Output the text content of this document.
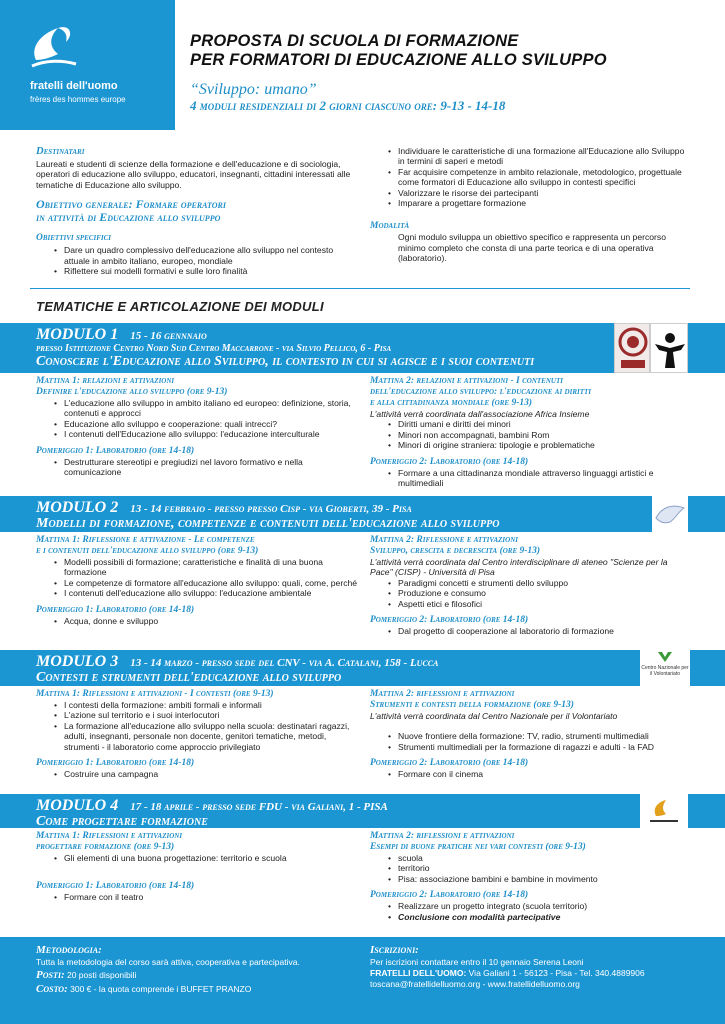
fratelli dell'uomo
frères des hommes europe
PROPOSTA DI SCUOLA DI FORMAZIONE
PER FORMATORI DI EDUCAZIONE ALLO SVILUPPO
“Sviluppo: umano”
4 moduli residenziali di 2 giorni ciascuno ore: 9-13 - 14-18
Destinatari
Laureati e studenti di scienze della formazione e dell'educazione e di sociologia, operatori di educazione allo sviluppo, educatori, insegnanti, cittadini interessati alle tematiche di Educazione allo sviluppo.
Obiettivo generale: Formare operatori
in attività di Educazione allo sviluppo
Obiettivi specifici
• Dare un quadro complessivo dell'educazione allo sviluppo nel contesto attuale in ambito italiano, europeo, mondiale
• Riflettere sui modelli formativi e sulle loro finalità
• Individuare le caratteristiche di una formazione all'Educazione allo Sviluppo in termini di saperi e metodi
• Far acquisire competenze in ambito relazionale, metodologico, progettuale come formatori di Educazione allo sviluppo in contesti specifici
• Valorizzare le risorse dei partecipanti
• Imparare a progettare formazione
Modalità
Ogni modulo sviluppa un obiettivo specifico e rappresenta un percorso minimo completo che consta di una parte teorica e di una operativa (laboratorio).
TEMATICHE E ARTICOLAZIONE DEI MODULI
MODULO 1 15 - 16 gennnaio
presso Istituzione Centro Nord Sud Centro Maccarrone - via Silvio Pellico, 6 - Pisa
Conoscere l'Educazione allo Sviluppo, il contesto in cui si agisce e i suoi contenuti
Mattina 1: relazioni e attivazioni
Definire l'educazione allo sviluppo (ore 9-13)
• L'educazione allo sviluppo in ambito italiano ed europeo: definizione, storia, contenuti e approcci
• Educazione allo sviluppo e cooperazione: quali intrecci?
• I contenuti dell'Educazione allo sviluppo: l'educazione interculturale
Pomeriggio 1: Laboratorio (ore 14-18)
• Destrutturare stereotipi e pregiudizi nel lavoro formativo e nella comunicazione
Mattina 2: relazioni e attivazioni - I contenuti
dell'educazione allo sviluppo: l'educazione ai diritti
e alla cittadinanza mondiale (ore 9-13)
L'attività verrà coordinata dall'associazione Africa Insieme
• Diritti umani e diritti dei minori
• Minori non accompagnati, bambini Rom
• Minori di origine straniera: tipologie e problematiche
Pomeriggio 2: Laboratorio (ore 14-18)
• Formare a una cittadinanza mondiale attraverso linguaggi artistici e multimediali
MODULO 2 13 - 14 febbraio - presso presso Cisp - via Gioberti, 39 - Pisa
Modelli di formazione, competenze e contenuti dell'educazione allo sviluppo
Mattina 1: Riflessione e attivazione - Le competenze
e i contenuti dell'educazione allo sviluppo (ore 9-13)
• Modelli possibili di formazione; caratteristiche e finalità di una buona formazione
• Le competenze di formatore all'educazione allo sviluppo: quali, come, perché
• I contenuti dell'educazione allo sviluppo: l'educazione ambientale
Pomeriggio 1: Laboratorio (ore 14-18)
• Acqua, donne e sviluppo
Mattina 2: Riflessione e attivazioni
Sviluppo, crescita e decrescita (ore 9-13)
L'attività verrà coordinata dal Centro interdisciplinare di ateneo "Scienze per la Pace" (CISP) - Università di Pisa
• Paradigmi concetti e strumenti dello sviluppo
• Produzione e consumo
• Aspetti etici e filosofici
Pomeriggio 2: Laboratorio (ore 14-18)
• Dal progetto di cooperazione al laboratorio di formazione
MODULO 3 13 - 14 marzo - presso sede del CNV - via A. Catalani, 158 - Lucca
Contesti e strumenti dell'educazione allo sviluppo
Centro Nazionale per il Volontariato
Mattina 1: Riflessioni e attivazioni - I contesti (ore 9-13)
• I contesti della formazione: ambiti formali e informali
• L'azione sul territorio e i suoi interlocutori
• La formazione all'educazione allo sviluppo nella scuola: destinatari ragazzi, adulti, insegnanti, personale non docente, genitori tematiche, metodi, strumenti - il laboratorio come approccio privilegiato
Pomeriggio 1: Laboratorio (ore 14-18)
• Costruire una campagna
Mattina 2: riflessioni e attivazioni
Strumenti e contesti della formazione (ore 9-13)
L'attività verrà coordinata dal Centro Nazionale per il Volontariato
• Nuove frontiere della formazione: TV, radio, strumenti multimediali
• Strumenti multimediali per la formazione di ragazzi e adulti - la FAD
Pomeriggio 2: Laboratorio (ore 14-18)
• Formare con il cinema
MODULO 4 17 - 18 aprile - presso sede FDU - via Galiani, 1 - PISA
Come progettare formazione
Mattina 1: Riflessioni e attivazioni
progettare formazione (ore 9-13)
• Gli elementi di una buona progettazione: territorio e scuola
Pomeriggio 1: Laboratorio (ore 14-18)
• Formare con il teatro
Mattina 2: riflessioni e attivazioni
Esempi di buone pratiche nei vari contesti (ore 9-13)
• scuola
• territorio
• Pisa: associazione bambini e bambine in movimento
Pomeriggio 2: Laboratorio (ore 14-18)
• Realizzare un progetto integrato (scuola territorio)
• Conclusione con modalità partecipative
Metodologia:
Tutta la metodologia del corso sarà attiva, cooperativa e partecipativa.
Posti: 20 posti disponibili
Costo: 300 € - la quota comprende i BUFFET PRANZO
Iscrizioni:
Per iscrizioni contattare entro il 10 gennaio Serena Leoni
FRATELLI DELL'UOMO: Via Galiani 1 - 56123 - Pisa - Tel. 340.4889906
toscana@fratellidelluomo.org - www.fratellidelluomo.org
